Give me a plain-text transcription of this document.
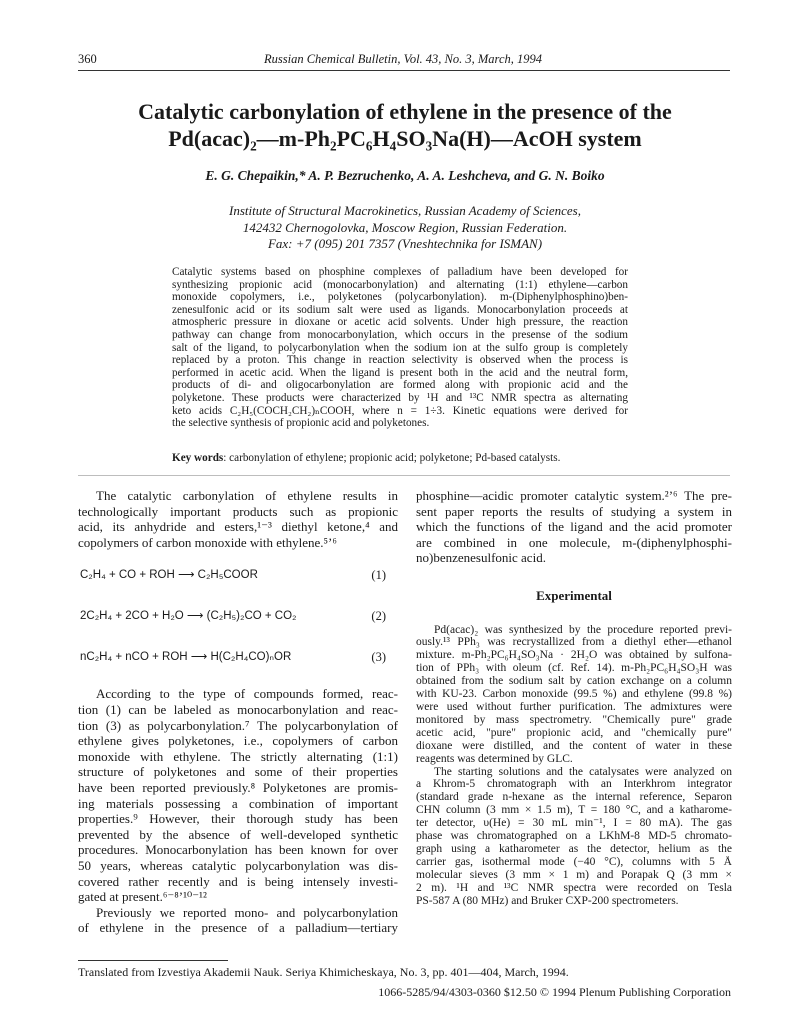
360	Russian Chemical Bulletin, Vol. 43, No. 3, March, 1994
Catalytic carbonylation of ethylene in the presence of the
Pd(acac)₂—m-Ph₂PC₆H₄SO₃Na(H)—AcOH system
E. G. Chepaikin,* A. P. Bezruchenko, A. A. Leshcheva, and G. N. Boiko
Institute of Structural Macrokinetics, Russian Academy of Sciences,
142432 Chernogolovka, Moscow Region, Russian Federation.
Fax: +7 (095) 201 7357 (Vneshtechnika for ISMAN)
Catalytic systems based on phosphine complexes of palladium have been developed for
synthesizing propionic acid (monocarbonylation) and alternating (1:1) ethylene—carbon
monoxide copolymers, i.e., polyketones (polycarbonylation). m-(Diphenylphosphino)ben-
zenesulfonic acid or its sodium salt were used as ligands. Monocarbonylation proceeds at
atmospheric pressure in dioxane or acetic acid solvents. Under high pressure, the reaction
pathway can change from monocarbonylation, which occurs in the presense of the sodium
salt of the ligand, to polycarbonylation when the sodium ion at the sulfo group is completely
replaced by a proton. This change in reaction selectivity is observed when the process is
performed in acetic acid. When the ligand is present both in the acid and the neutral form,
products of di- and oligocarbonylation are formed along with propionic acid and the
polyketone. These products were characterized by ¹H and ¹³C NMR spectra as alternating
keto acids C₂H₅(COCH₂CH₂)ₙCOOH, where n = 1÷3. Kinetic equations were derived for
the selective synthesis of propionic acid and polyketones.
Key words: carbonylation of ethylene; propionic acid; polyketone; Pd-based catalysts.
The catalytic carbonylation of ethylene results in
technologically important products such as propionic
acid, its anhydride and esters,¹⁻³ diethyl ketone,⁴ and
copolymers of carbon monoxide with ethylene.⁵ʼ⁶
C₂H₄ + CO + ROH ⟶ C₂H₅COOR	(1)
2C₂H₄ + 2CO + H₂O ⟶ (C₂H₅)₂CO + CO₂	(2)
nC₂H₄ + nCO + ROH ⟶ H(C₂H₄CO)ₙOR	(3)
According to the type of compounds formed, reac-
tion (1) can be labeled as monocarbonylation and reac-
tion (3) as polycarbonylation.⁷ The polycarbonylation of
ethylene gives polyketones, i.e., copolymers of carbon
monoxide with ethylene. The strictly alternating (1:1)
structure of polyketones and some of their properties
have been reported previously.⁸ Polyketones are promis-
ing materials possessing a combination of important
properties.⁹ However, their thorough study has been
prevented by the absence of well-developed synthetic
procedures. Monocarbonylation has been known for over
50 years, whereas catalytic polycarbonylation was dis-
covered rather recently and is being intensely investi-
gated at present.⁶⁻⁸ʼ¹⁰⁻¹²
Previously we reported mono- and polycarbonylation
of ethylene in the presence of a palladium—tertiary
phosphine—acidic promoter catalytic system.²ʼ⁶ The pre-
sent paper reports the results of studying a system in
which the functions of the ligand and the acid promoter
are combined in one molecule, m-(diphenylphosphi-
no)benzenesulfonic acid.
Experimental
Pd(acac)₂ was synthesized by the procedure reported previ-
ously.¹³ PPh₃ was recrystallized from a diethyl ether—ethanol
mixture. m-Ph₂PC₆H₄SO₃Na · 2H₂O was obtained by sulfona-
tion of PPh₃ with oleum (cf. Ref. 14). m-Ph₂PC₆H₄SO₃H was
obtained from the sodium salt by cation exchange on a column
with KU-23. Carbon monoxide (99.5 %) and ethylene (99.8 %)
were used without further purification. The admixtures were
monitored by mass spectrometry. "Chemically pure" grade
acetic acid, "pure" propionic acid, and "chemically pure"
dioxane were distilled, and the content of water in these
reagents was determined by GLC.
The starting solutions and the catalysates were analyzed on
a Khrom-5 chromatograph with an Interkhrom integrator
(standard grade n-hexane as the internal reference, Separon
CHN column (3 mm × 1.5 m), T = 180 °C, and a katharome-
ter detector, υ(He) = 30 mL min⁻¹, I = 80 mA). The gas
phase was chromatographed on a LKhM-8 MD-5 chromato-
graph using a katharometer as the detector, helium as the
carrier gas, isothermal mode (−40 °C), columns with 5 Å
molecular sieves (3 mm × 1 m) and Porapak Q (3 mm ×
2 m). ¹H and ¹³C NMR spectra were recorded on Tesla
PS-587 A (80 MHz) and Bruker CXP-200 spectrometers.
Translated from Izvestiya Akademii Nauk. Seriya Khimicheskaya, No. 3, pp. 401—404, March, 1994.
1066-5285/94/4303-0360 $12.50 © 1994 Plenum Publishing Corporation
